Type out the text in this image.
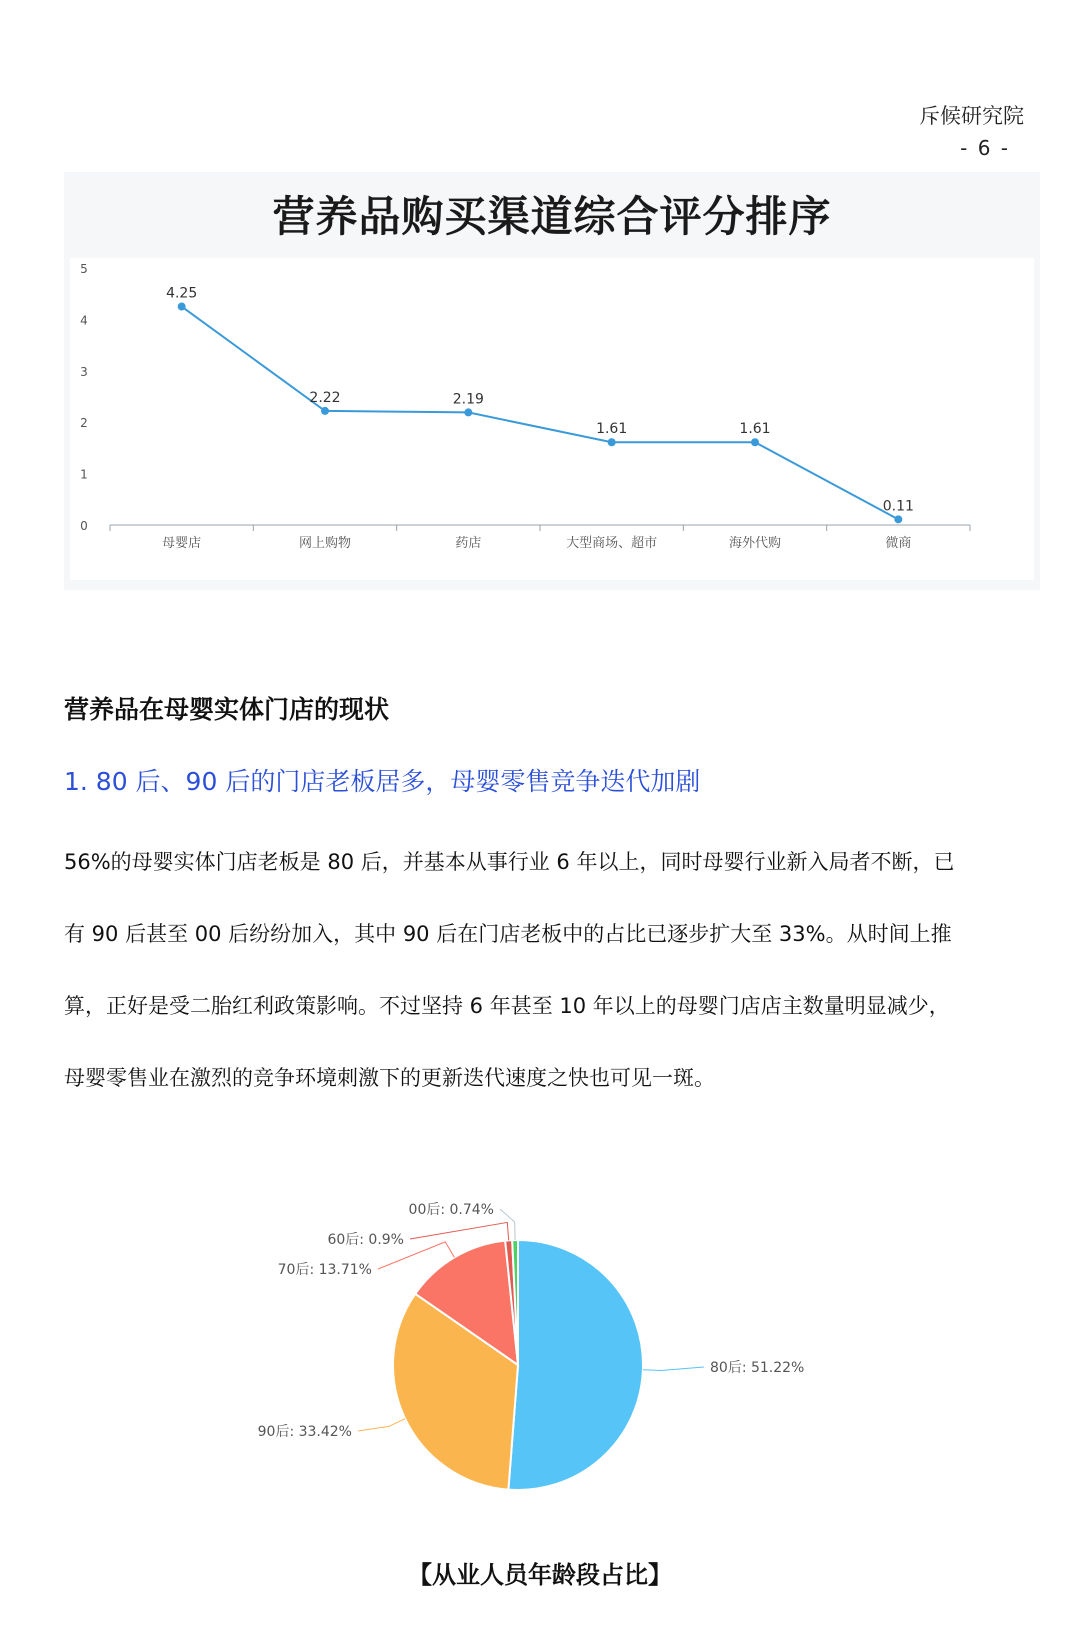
斥候研究院
- 6 -
营养品购买渠道综合评分排序
0
1
2
3
4
5
母婴店	网上购物	药店	大型商场、超市	海外代购	微商
4.25
2.22	2.19
1.61	1.61
0.11
营养品在母婴实体门店的现状
1. 80 后、90 后的门店老板居多，母婴零售竞争迭代加剧
56%的母婴实体门店老板是 80 后，并基本从事行业 6 年以上，同时母婴行业新入局者不断，已
有 90 后甚至 00 后纷纷加入，其中 90 后在门店老板中的占比已逐步扩大至 33%。从时间上推
算，正好是受二胎红利政策影响。不过坚持 6 年甚至 10 年以上的母婴门店店主数量明显减少，
母婴零售业在激烈的竞争环境刺激下的更新迭代速度之快也可见一斑。
80后: 51.22%
90后: 33.42%
70后: 13.71%
60后: 0.9%
00后: 0.74%
【从业人员年龄段占比】
